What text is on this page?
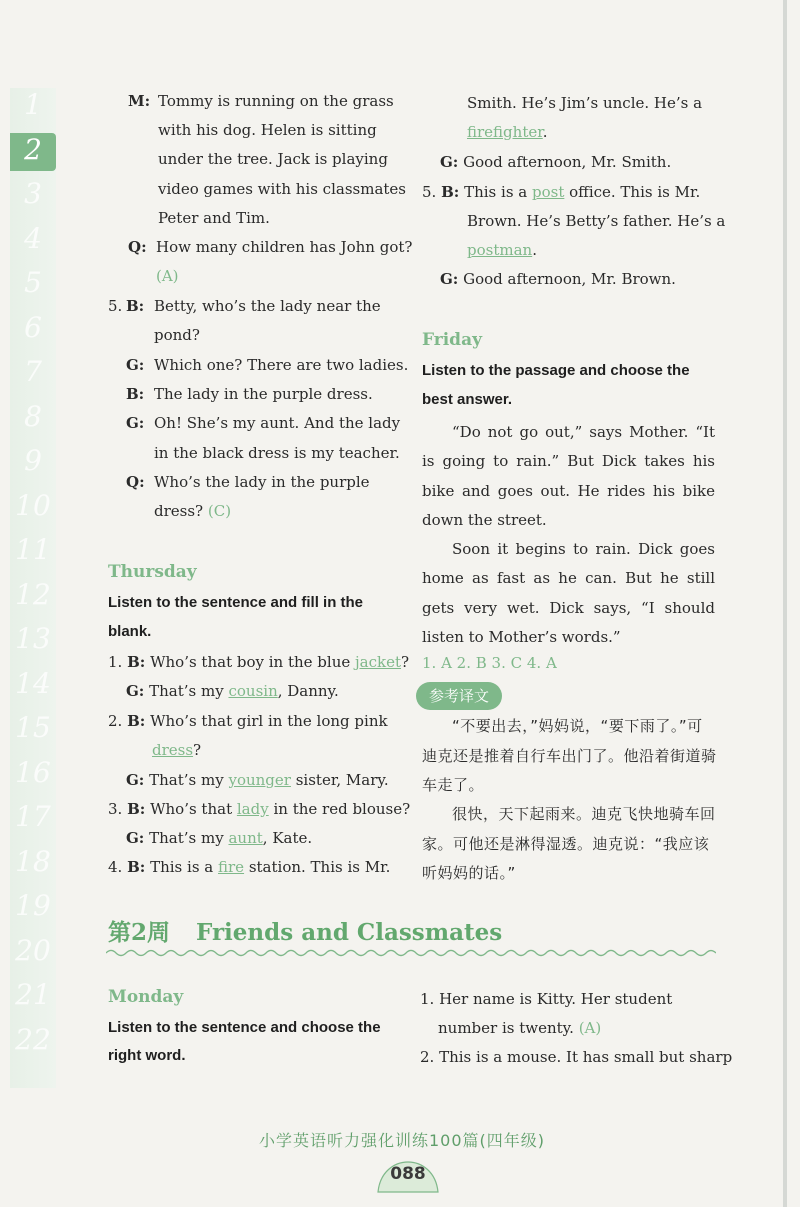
1
2
3
4
5
6
7
8
9
10
11
12
13
14
15
16
17
18
19
20
21
22
M: Tommy is running on the grass
with his dog. Helen is sitting
under the tree. Jack is playing
video games with his classmates
Peter and Tim.
Q: How many children has John got?
(A)
5. B: Betty, who’s the lady near the
pond?
G: Which one? There are two ladies.
B: The lady in the purple dress.
G: Oh! She’s my aunt. And the lady
in the black dress is my teacher.
Q: Who’s the lady in the purple
dress? (C)
Thursday
Listen to the sentence and fill in the
blank.
1. B: Who’s that boy in the blue jacket?
G: That’s my cousin, Danny.
2. B: Who’s that girl in the long pink
dress?
G: That’s my younger sister, Mary.
3. B: Who’s that lady in the red blouse?
G: That’s my aunt, Kate.
4. B: This is a fire station. This is Mr.
Smith. He’s Jim’s uncle. He’s a
firefighter.
G: Good afternoon, Mr. Smith.
5. B: This is a post office. This is Mr.
Brown. He’s Betty’s father. He’s a
postman.
G: Good afternoon, Mr. Brown.
Friday
Listen to the passage and choose the
best answer.
“Do not go out,” says Mother. “It is going to rain.” But Dick takes his bike and goes out. He rides his bike down the street.
Soon it begins to rain. Dick goes home as fast as he can. But he still gets very wet. Dick says, “I should listen to Mother’s words.”
1. A 2. B 3. C 4. A
参考译文
“不要出去，”妈妈说，“要下雨了。”可迪克还是推着自行车出门了。他沿着街道骑车走了。
很快，天下起雨来。迪克飞快地骑车回家。可他还是淋得湿透。迪克说：“我应该听妈妈的话。”
第2周 Friends and Classmates
Monday
Listen to the sentence and choose the
right word.
1. Her name is Kitty. Her student
number is twenty. (A)
2. This is a mouse. It has small but sharp
小学英语听力强化训练100篇(四年级)
088
